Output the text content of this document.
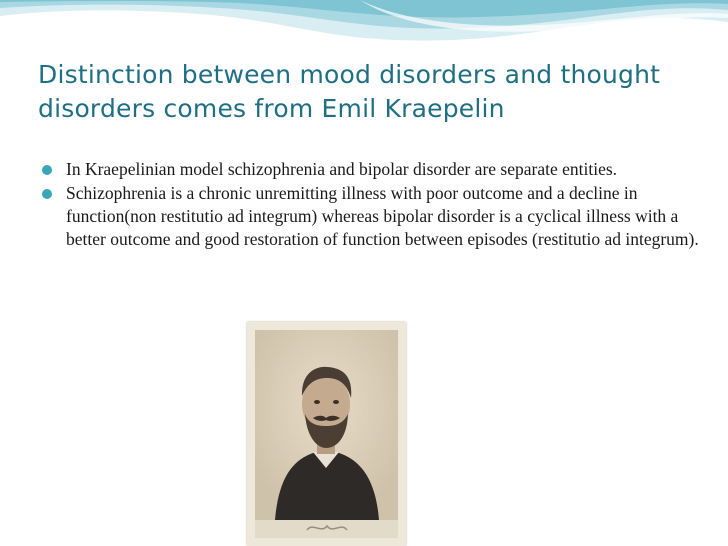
Distinction between mood disorders and thought disorders comes from Emil Kraepelin
In Kraepelinian model schizophrenia and bipolar disorder are separate entities.
Schizophrenia is a chronic unremitting illness with poor outcome and a decline in function(non restitutio ad integrum) whereas bipolar disorder is a cyclical illness with a better outcome and good restoration of function between episodes (restitutio ad integrum).
